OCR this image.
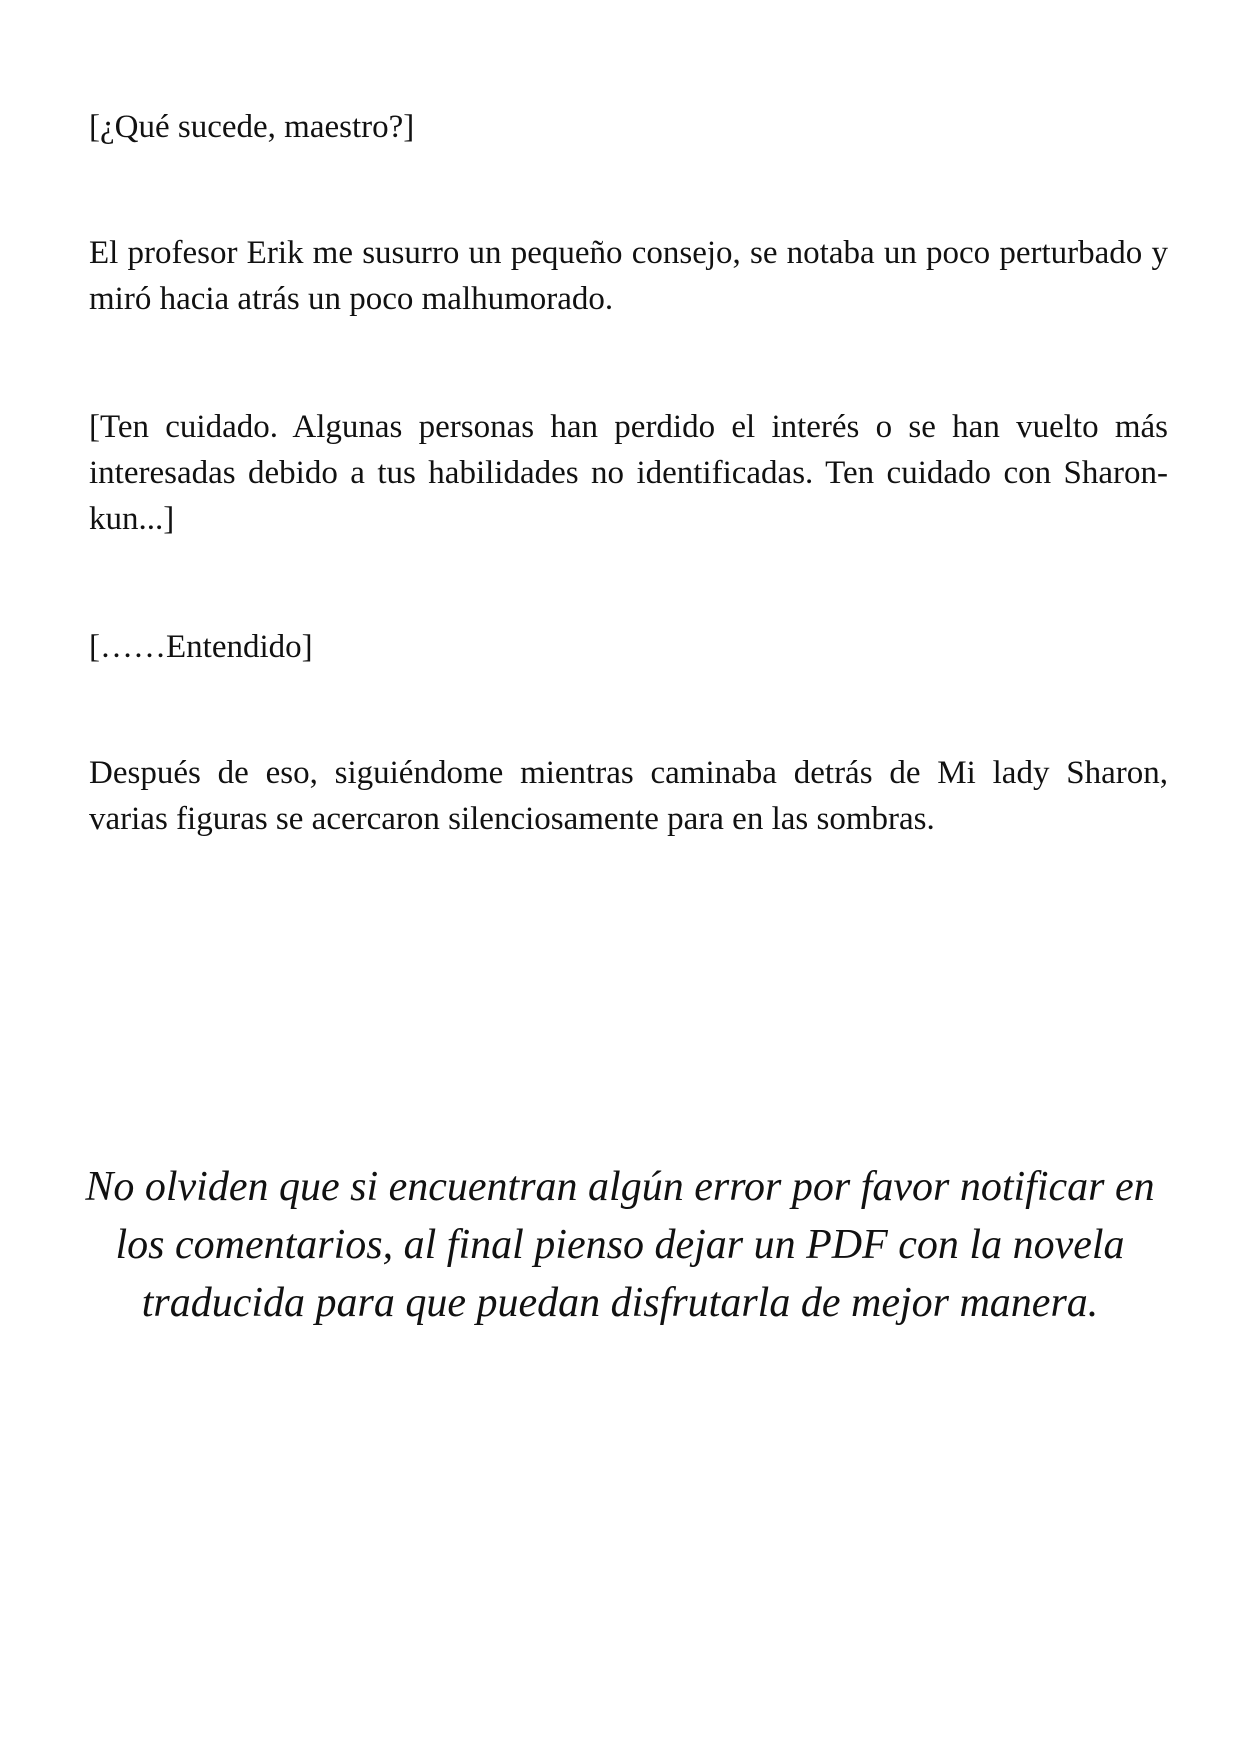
[¿Qué sucede, maestro?]

El profesor Erik me susurro un pequeño consejo, se notaba un poco perturbado y miró hacia atrás un poco malhumorado.

[Ten cuidado. Algunas personas han perdido el interés o se han vuelto más interesadas debido a tus habilidades no identificadas. Ten cuidado con Sharon-kun...]

[……Entendido]

Después de eso, siguiéndome mientras caminaba detrás de Mi lady Sharon, varias figuras se acercaron silenciosamente para en las sombras.

No olviden que si encuentran algún error por favor notificar en los comentarios, al final pienso dejar un PDF con la novela traducida para que puedan disfrutarla de mejor manera.
